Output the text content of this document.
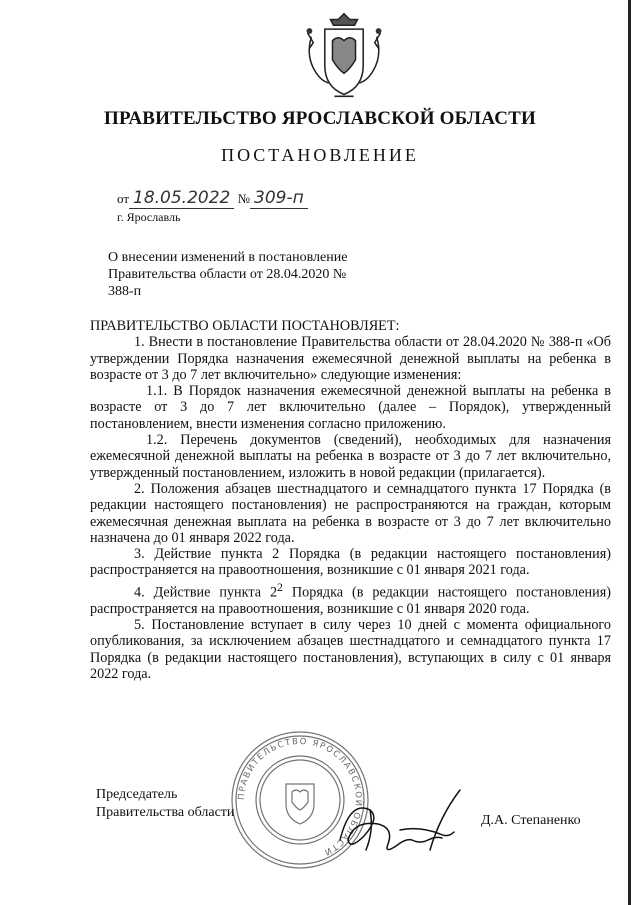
ПРАВИТЕЛЬСТВО ЯРОСЛАВСКОЙ ОБЛАСТИ
ПОСТАНОВЛЕНИЕ
от 18.05.2022 № 309-п
г. Ярославль
О внесении изменений в постановление Правительства области от 28.04.2020 № 388-п

ПРАВИТЕЛЬСТВО ОБЛАСТИ ПОСТАНОВЛЯЕТ:

1. Внести в постановление Правительства области от 28.04.2020 № 388-п «Об утверждении Порядка назначения ежемесячной денежной выплаты на ребенка в возрасте от 3 до 7 лет включительно» следующие изменения:

1.1. В Порядок назначения ежемесячной денежной выплаты на ребенка в возрасте от 3 до 7 лет включительно (далее – Порядок), утвержденный постановлением, внести изменения согласно приложению.

1.2. Перечень документов (сведений), необходимых для назначения ежемесячной денежной выплаты на ребенка в возрасте от 3 до 7 лет включительно, утвержденный постановлением, изложить в новой редакции (прилагается).

2. Положения абзацев шестнадцатого и семнадцатого пункта 17 Порядка (в редакции настоящего постановления) не распространяются на граждан, которым ежемесячная денежная выплата на ребенка в возрасте от 3 до 7 лет включительно назначена до 01 января 2022 года.

3. Действие пункта 2 Порядка (в редакции настоящего постановления) распространяется на правоотношения, возникшие с 01 января 2021 года.

4. Действие пункта $2^2$ Порядка (в редакции настоящего постановления) распространяется на правоотношения, возникшие с 01 января 2020 года.

5. Постановление вступает в силу через 10 дней с момента официального опубликования, за исключением абзацев шестнадцатого и семнадцатого пункта 17 Порядка (в редакции настоящего постановления), вступающих в силу с 01 января 2022 года.

ПРАВИТЕЛЬСТВО ЯРОСЛАВСКОЙ ОБЛАСТИ
Председатель
Правительства области
Д.А. Степаненко
